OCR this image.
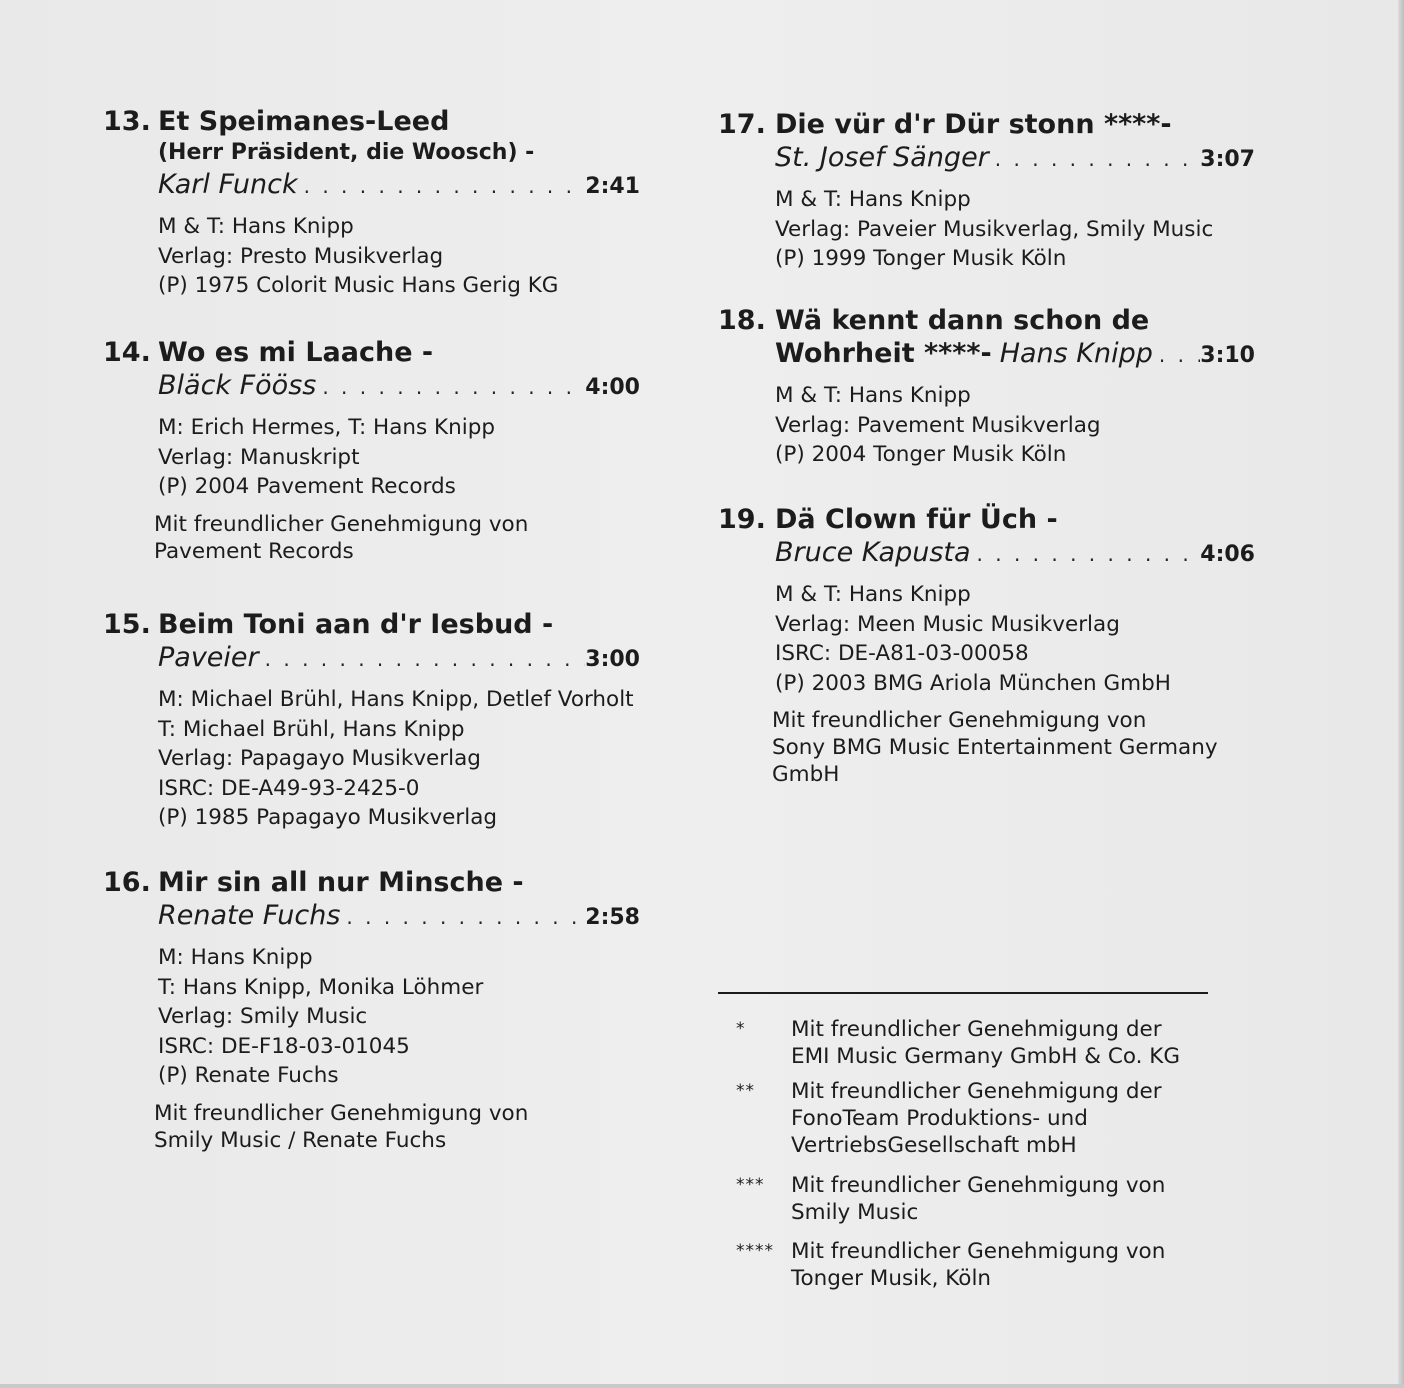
13. Et Speimanes-Leed
(Herr Präsident, die Woosch) -
Karl Funck . . .	2:41
M & T: Hans Knipp
Verlag: Presto Musikverlag
(P) 1975 Colorit Music Hans Gerig KG
14. Wo es mi Laache -
Bläck Fööss . . .	4:00
M: Erich Hermes, T: Hans Knipp
Verlag: Manuskript
(P) 2004 Pavement Records
Mit freundlicher Genehmigung von
Pavement Records
15. Beim Toni aan d'r Iesbud -
Paveier . . .	3:00
M: Michael Brühl, Hans Knipp, Detlef Vorholt
T: Michael Brühl, Hans Knipp
Verlag: Papagayo Musikverlag
ISRC: DE-A49-93-2425-0
(P) 1985 Papagayo Musikverlag
16. Mir sin all nur Minsche -
Renate Fuchs . . .	2:58
M: Hans Knipp
T: Hans Knipp, Monika Löhmer
Verlag: Smily Music
ISRC: DE-F18-03-01045
(P) Renate Fuchs
Mit freundlicher Genehmigung von
Smily Music / Renate Fuchs
17. Die vür d'r Dür stonn ****-
St. Josef Sänger . . .	3:07
M & T: Hans Knipp
Verlag: Paveier Musikverlag, Smily Music
(P) 1999 Tonger Musik Köln
18. Wä kennt dann schon de
Wohrheit ****- Hans Knipp . . . 3:10
M & T: Hans Knipp
Verlag: Pavement Musikverlag
(P) 2004 Tonger Musik Köln
19. Dä Clown für Üch -
Bruce Kapusta . . .	4:06
M & T: Hans Knipp
Verlag: Meen Music Musikverlag
ISRC: DE-A81-03-00058
(P) 2003 BMG Ariola München GmbH
Mit freundlicher Genehmigung von
Sony BMG Music Entertainment Germany
GmbH
* Mit freundlicher Genehmigung der
EMI Music Germany GmbH & Co. KG
** Mit freundlicher Genehmigung der
FonoTeam Produktions- und
VertriebsGesellschaft mbH
*** Mit freundlicher Genehmigung von
Smily Music
**** Mit freundlicher Genehmigung von
Tonger Musik, Köln
